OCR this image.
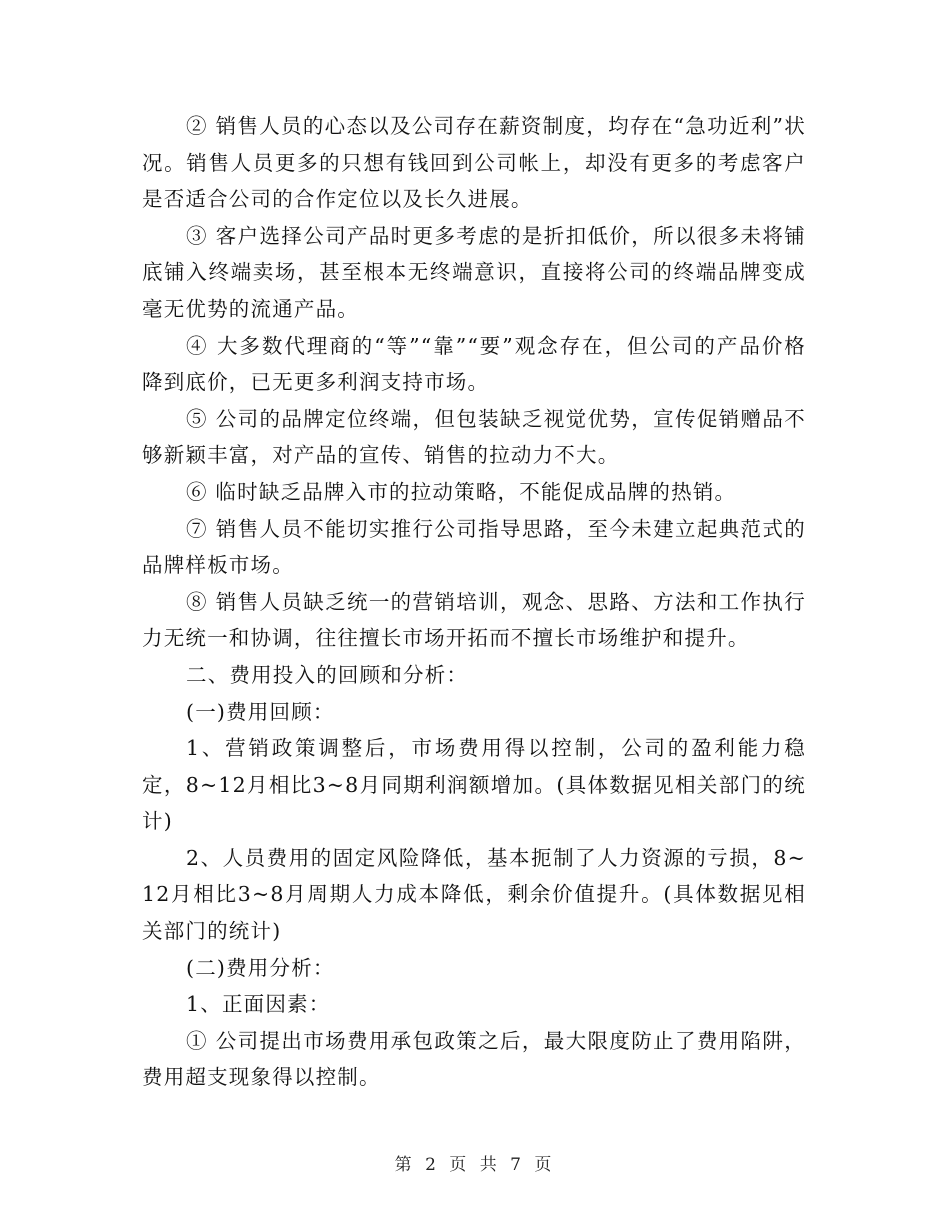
② 销售人员的心态以及公司存在薪资制度，均存在“急功近利”状况。销售人员更多的只想有钱回到公司帐上，却没有更多的考虑客户是否适合公司的合作定位以及长久进展。

③ 客户选择公司产品时更多考虑的是折扣低价，所以很多未将铺底铺入终端卖场，甚至根本无终端意识，直接将公司的终端品牌变成毫无优势的流通产品。

④ 大多数代理商的“等”“靠”“要”观念存在，但公司的产品价格降到底价，已无更多利润支持市场。

⑤ 公司的品牌定位终端，但包装缺乏视觉优势，宣传促销赠品不够新颖丰富，对产品的宣传、销售的拉动力不大。

⑥ 临时缺乏品牌入市的拉动策略，不能促成品牌的热销。

⑦ 销售人员不能切实推行公司指导思路，至今未建立起典范式的品牌样板市场。

⑧ 销售人员缺乏统一的营销培训，观念、思路、方法和工作执行力无统一和协调，往往擅长市场开拓而不擅长市场维护和提升。

二、费用投入的回顾和分析：

(一)费用回顾：

1、营销政策调整后，市场费用得以控制，公司的盈利能力稳定，8~12月相比3~8月同期利润额增加。(具体数据见相关部门的统计)

2、人员费用的固定风险降低，基本扼制了人力资源的亏损，8~12月相比3~8月周期人力成本降低，剩余价值提升。(具体数据见相关部门的统计)

(二)费用分析：

1、正面因素：

① 公司提出市场费用承包政策之后，最大限度防止了费用陷阱，费用超支现象得以控制。

第 2 页 共 7 页
